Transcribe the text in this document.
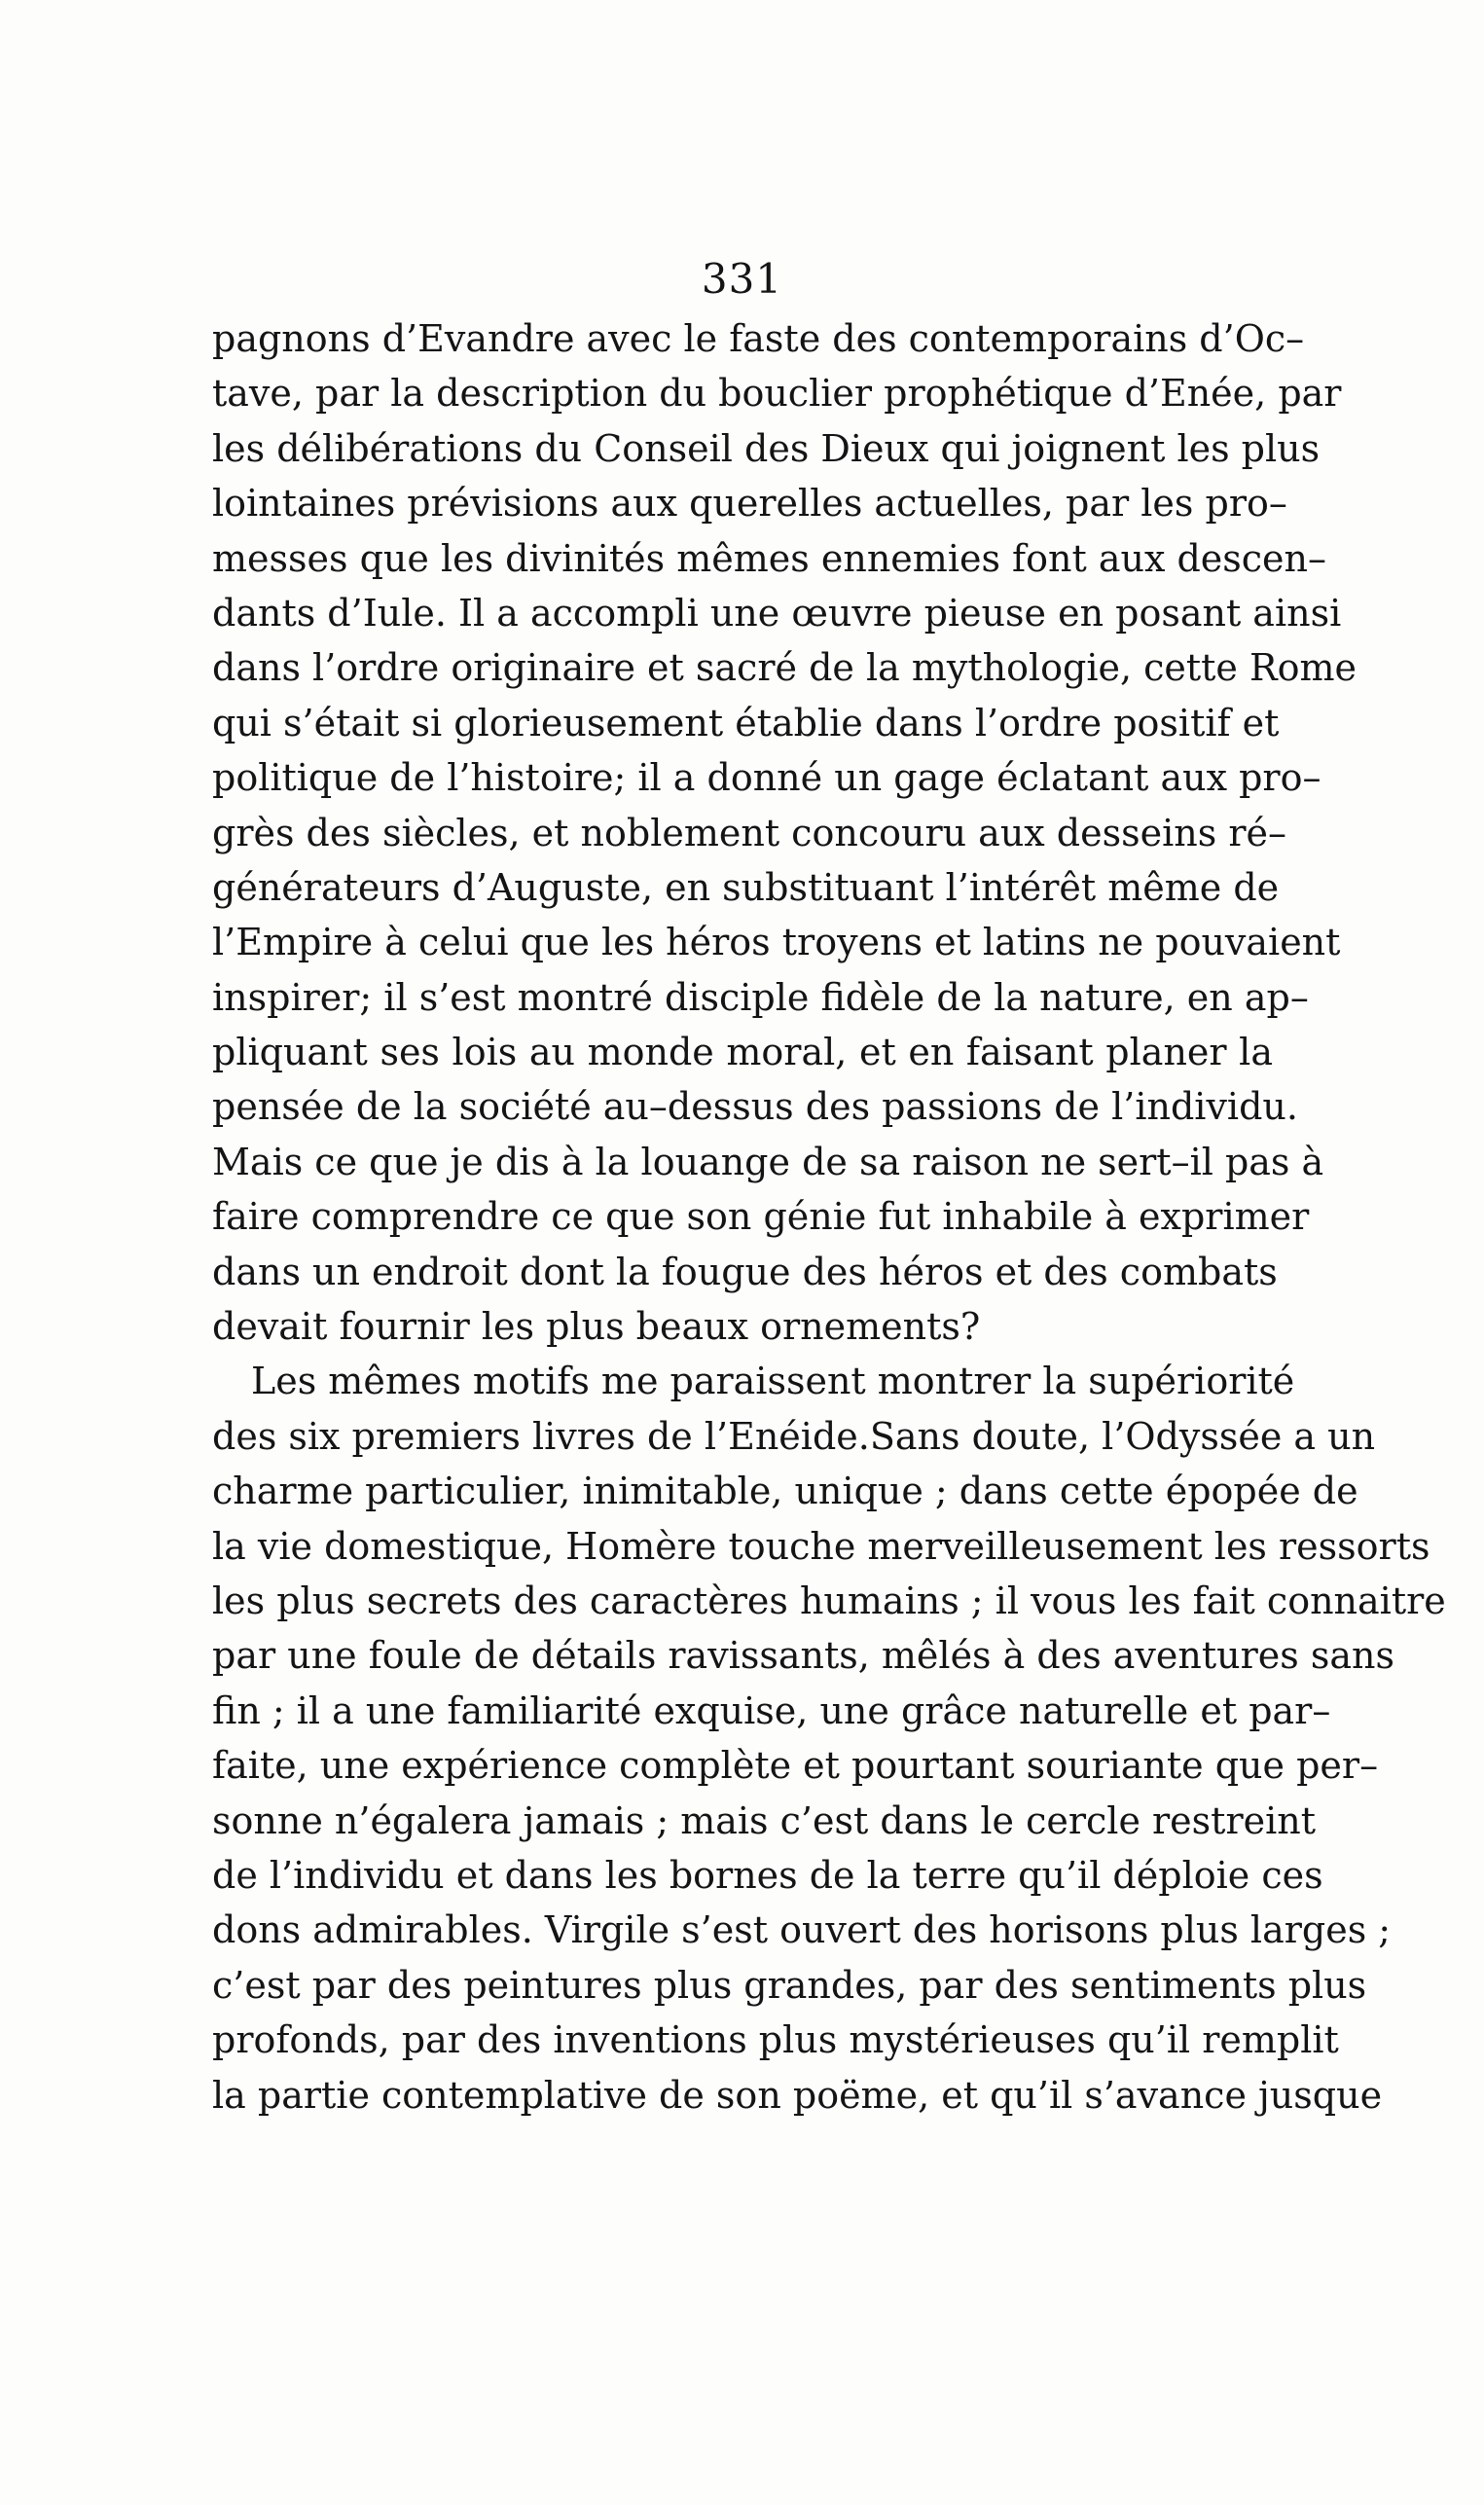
331
pagnons d’Evandre avec le faste des contemporains d’Oc–
tave, par la description du bouclier prophétique d’Enée, par
les délibérations du Conseil des Dieux qui joignent les plus
lointaines prévisions aux querelles actuelles, par les pro–
messes que les divinités mêmes ennemies font aux descen–
dants d’Iule. Il a accompli une œuvre pieuse en posant ainsi
dans l’ordre originaire et sacré de la mythologie, cette Rome
qui s’était si glorieusement établie dans l’ordre positif et
politique de l’histoire; il a donné un gage éclatant aux pro–
grès des siècles, et noblement concouru aux desseins ré–
générateurs d’Auguste, en substituant l’intérêt même de
l’Empire à celui que les héros troyens et latins ne pouvaient
inspirer; il s’est montré disciple fidèle de la nature, en ap–
pliquant ses lois au monde moral, et en faisant planer la
pensée de la société au–dessus des passions de l’individu.
Mais ce que je dis à la louange de sa raison ne sert–il pas à
faire comprendre ce que son génie fut inhabile à exprimer
dans un endroit dont la fougue des héros et des combats
devait fournir les plus beaux ornements?
Les mêmes motifs me paraissent montrer la supériorité
des six premiers livres de l’Enéide.Sans doute, l’Odyssée a un
charme particulier, inimitable, unique ; dans cette épopée de
la vie domestique, Homère touche merveilleusement les ressorts
les plus secrets des caractères humains ; il vous les fait connaitre
par une foule de détails ravissants, mêlés à des aventures sans
fin ; il a une familiarité exquise, une grâce naturelle et par–
faite, une expérience complète et pourtant souriante que per–
sonne n’égalera jamais ; mais c’est dans le cercle restreint
de l’individu et dans les bornes de la terre qu’il déploie ces
dons admirables. Virgile s’est ouvert des horisons plus larges ;
c’est par des peintures plus grandes, par des sentiments plus
profonds, par des inventions plus mystérieuses qu’il remplit
la partie contemplative de son poëme, et qu’il s’avance jusque
